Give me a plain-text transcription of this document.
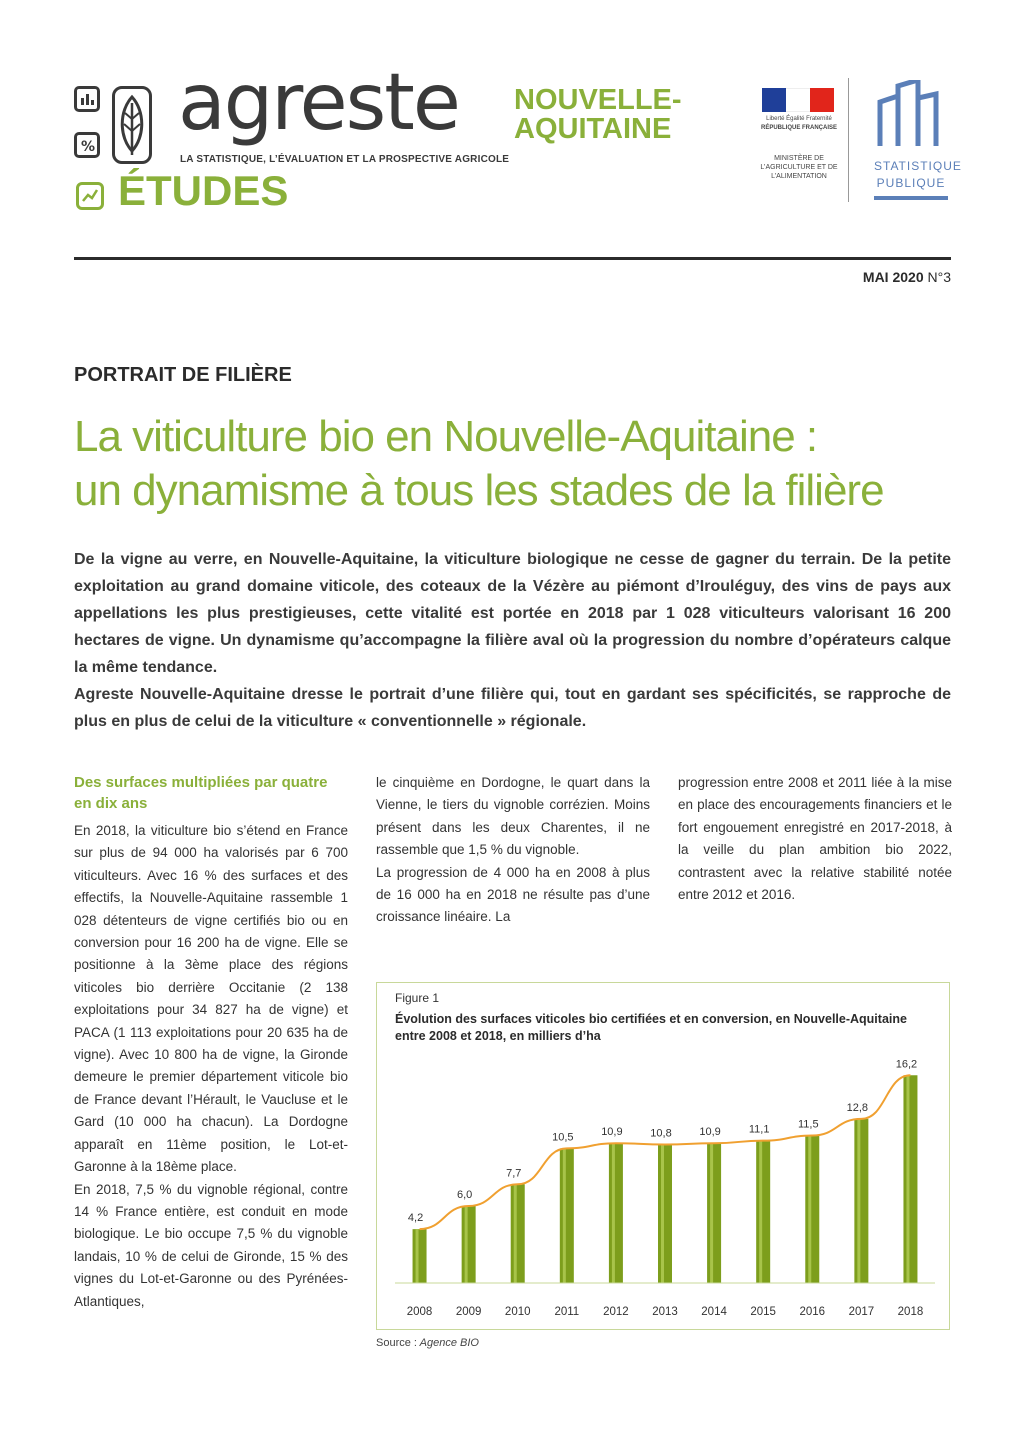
% agreste
LA STATISTIQUE, L’ÉVALUATION ET LA PROSPECTIVE AGRICOLE
ÉTUDES
NOUVELLE-
AQUITAINE	Liberté Égalité Fraternité
RÉPUBLIQUE FRANÇAISE
MINISTÈRE DE L’AGRICULTURE ET DE L’ALIMENTATION
STATISTIQUE
PUBLIQUE
MAI 2020 N°3
PORTRAIT DE FILIÈRE
La viticulture bio en Nouvelle-Aquitaine :
un dynamisme à tous les stades de la filière

De la vigne au verre, en Nouvelle-Aquitaine, la viticulture biologique ne cesse de gagner du terrain. De la petite exploitation au grand domaine viticole, des coteaux de la Vézère au piémont d’Irouléguy, des vins de pays aux appellations les plus prestigieuses, cette vitalité est portée en 2018 par 1 028 viticulteurs valorisant 16 200 hectares de vigne. Un dynamisme qu’accompagne la filière aval où la progression du nombre d’opérateurs calque la même tendance.

Agreste Nouvelle-Aquitaine dresse le portrait d’une filière qui, tout en gardant ses spécificités, se rapproche de plus en plus de celui de la viticulture « conventionnelle » régionale.

Des surfaces multipliées par quatre en dix ans

En 2018, la viticulture bio s’étend en France sur plus de 94 000 ha valorisés par 6 700 viticulteurs. Avec 16 % des surfaces et des effectifs, la Nouvelle-Aquitaine rassemble 1 028 détenteurs de vigne certifiés bio ou en conversion pour 16 200 ha de vigne. Elle se positionne à la 3ème place des régions viticoles bio derrière Occitanie (2 138 exploitations pour 34 827 ha de vigne) et PACA (1 113 exploitations pour 20 635 ha de vigne). Avec 10 800 ha de vigne, la Gironde demeure le premier département viticole bio de France devant l’Hérault, le Vaucluse et le Gard (10 000 ha chacun). La Dordogne apparaît en 11ème position, le Lot-et-Garonne à la 18ème place.

En 2018, 7,5 % du vignoble régional, contre 14 % France entière, est conduit en mode biologique. Le bio occupe 7,5 % du vignoble landais, 10 % de celui de Gironde, 15 % des vignes du Lot-et-Garonne ou des Pyrénées-Atlantiques,

le cinquième en Dordogne, le quart dans la Vienne, le tiers du vignoble corrézien. Moins présent dans les deux Charentes, il ne rassemble que 1,5 % du vignoble.

La progression de 4 000 ha en 2008 à plus de 16 000 ha en 2018 ne résulte pas d’une croissance linéaire. La

progression entre 2008 et 2011 liée à la mise en place des encouragements financiers et le fort engouement enregistré en 2017-2018, à la veille du plan ambition bio 2022, contrastent avec la relative stabilité notée entre 2012 et 2016.

Figure 1
Évolution des surfaces viticoles bio certifiées et en conversion, en Nouvelle-Aquitaine entre 2008 et 2018, en milliers d’ha
4,2
2008
6,0
2009
7,7
2010
10,5
2011
10,9
2012
10,8
2013
10,9
2014
11,1
2015
11,5
2016
12,8
2017
16,2
2018
Source : Agence BIO
